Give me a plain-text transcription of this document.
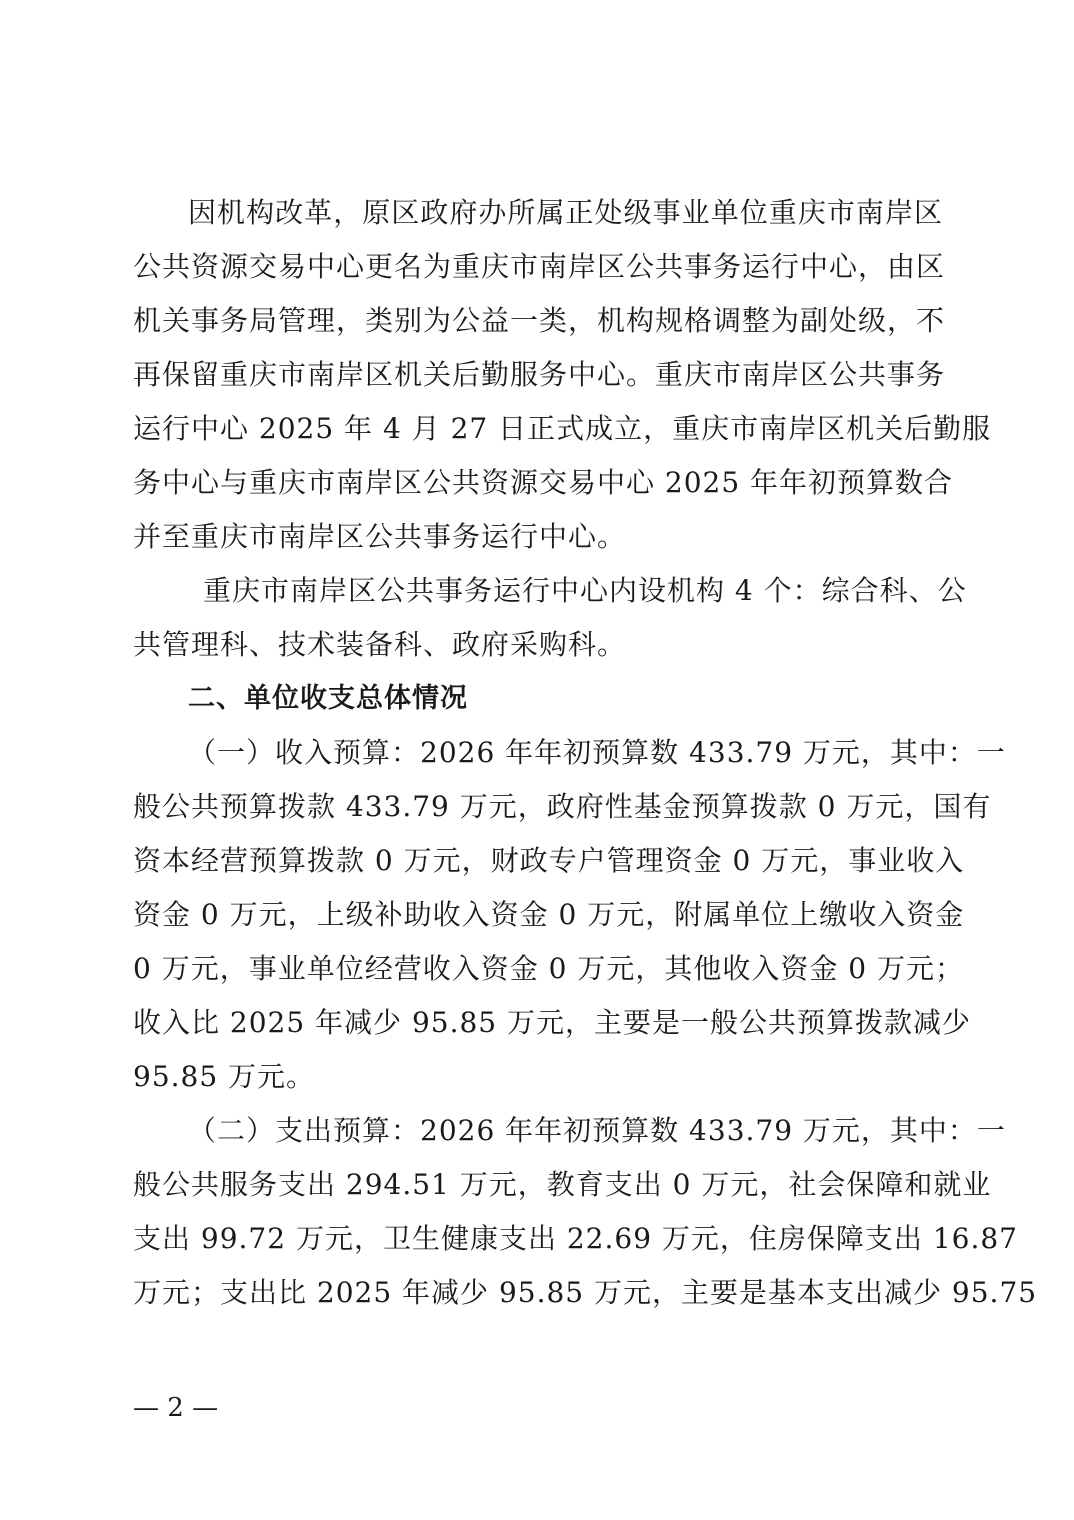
因机构改革，原区政府办所属正处级事业单位重庆市南岸区
公共资源交易中心更名为重庆市南岸区公共事务运行中心，由区
机关事务局管理，类别为公益一类，机构规格调整为副处级，不
再保留重庆市南岸区机关后勤服务中心。重庆市南岸区公共事务
运行中心 2025 年 4 月 27 日正式成立，重庆市南岸区机关后勤服
务中心与重庆市南岸区公共资源交易中心 2025 年年初预算数合
并至重庆市南岸区公共事务运行中心。
重庆市南岸区公共事务运行中心内设机构 4 个：综合科、公
共管理科、技术装备科、政府采购科。
二、单位收支总体情况
（一）收入预算：2026 年年初预算数 433.79 万元，其中：一
般公共预算拨款 433.79 万元，政府性基金预算拨款 0 万元，国有
资本经营预算拨款 0 万元，财政专户管理资金 0 万元，事业收入
资金 0 万元，上级补助收入资金 0 万元，附属单位上缴收入资金
0 万元，事业单位经营收入资金 0 万元，其他收入资金 0 万元；
收入比 2025 年减少 95.85 万元，主要是一般公共预算拨款减少
95.85 万元。
（二）支出预算：2026 年年初预算数 433.79 万元，其中：一
般公共服务支出 294.51 万元，教育支出 0 万元，社会保障和就业
支出 99.72 万元，卫生健康支出 22.69 万元，住房保障支出 16.87
万元；支出比 2025 年减少 95.85 万元，主要是基本支出减少 95.75
— 2 —
